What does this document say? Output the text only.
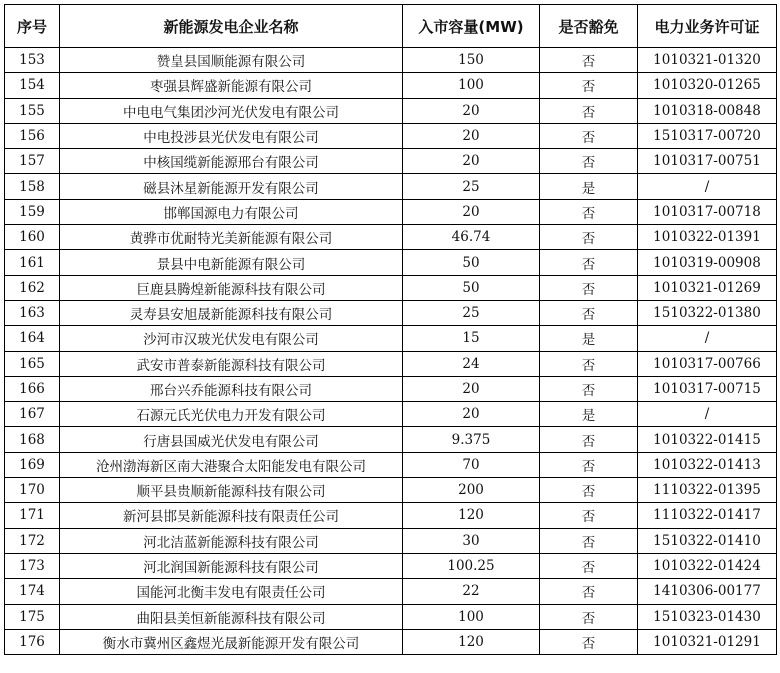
序号	新能源发电企业名称	入市容量(MW)	是否豁免	电力业务许可证
153	赞皇县国顺能源有限公司	150	否	1010321-01320
154	枣强县辉盛新能源有限公司	100	否	1010320-01265
155	中电电气集团沙河光伏发电有限公司	20	否	1010318-00848
156	中电投涉县光伏发电有限公司	20	否	1510317-00720
157	中核国缆新能源邢台有限公司	20	否	1010317-00751
158	磁县沐星新能源开发有限公司	25	是	/
159	邯郸国源电力有限公司	20	否	1010317-00718
160	黄骅市优耐特光美新能源有限公司	46.74	否	1010322-01391
161	景县中电新能源有限公司	50	否	1010319-00908
162	巨鹿县腾煌新能源科技有限公司	50	否	1010321-01269
163	灵寿县安旭晟新能源科技有限公司	25	否	1510322-01380
164	沙河市汉玻光伏发电有限公司	15	是	/
165	武安市普泰新能源科技有限公司	24	否	1010317-00766
166	邢台兴乔能源科技有限公司	20	否	1010317-00715
167	石源元氏光伏电力开发有限公司	20	是	/
168	行唐县国威光伏发电有限公司	9.375	否	1010322-01415
169	沧州渤海新区南大港聚合太阳能发电有限公司	70	否	1010322-01413
170	顺平县贵顺新能源科技有限公司	200	否	1110322-01395
171	新河县邯昊新能源科技有限责任公司	120	否	1110322-01417
172	河北洁蓝新能源科技有限公司	30	否	1510322-01410
173	河北润国新能源科技有限公司	100.25	否	1010322-01424
174	国能河北衡丰发电有限责任公司	22	否	1410306-00177
175	曲阳县美恒新能源科技有限公司	100	否	1510323-01430
176	衡水市冀州区鑫煜光晟新能源开发有限公司	120	否	1010321-01291
